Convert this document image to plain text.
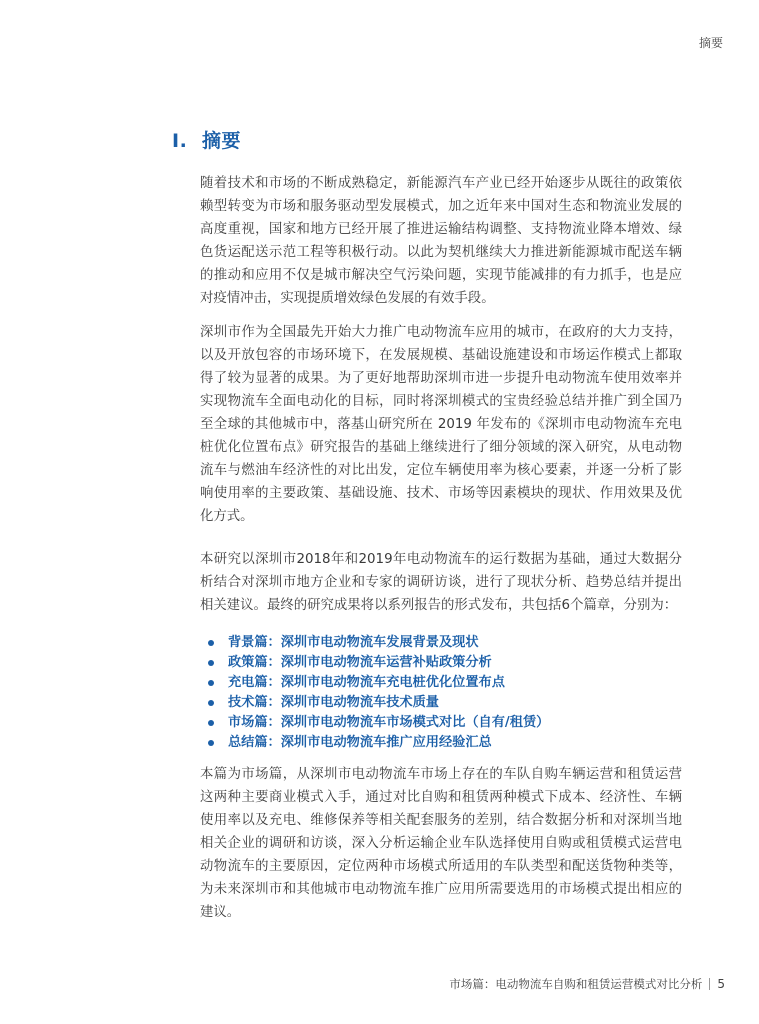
摘要
I. 摘要

随着技术和市场的不断成熟稳定，新能源汽车产业已经开始逐步从既往的政策依赖型转变为市场和服务驱动型发展模式，加之近年来中国对生态和物流业发展的高度重视，国家和地方已经开展了推进运输结构调整、支持物流业降本增效、绿色货运配送示范工程等积极行动。以此为契机继续大力推进新能源城市配送车辆的推动和应用不仅是城市解决空气污染问题，实现节能减排的有力抓手，也是应对疫情冲击，实现提质增效绿色发展的有效手段。

深圳市作为全国最先开始大力推广电动物流车应用的城市，在政府的大力支持，以及开放包容的市场环境下，在发展规模、基础设施建设和市场运作模式上都取得了较为显著的成果。为了更好地帮助深圳市进一步提升电动物流车使用效率并实现物流车全面电动化的目标，同时将深圳模式的宝贵经验总结并推广到全国乃至全球的其他城市中，落基山研究所在 2019 年发布的《深圳市电动物流车充电桩优化位置布点》研究报告的基础上继续进行了细分领域的深入研究，从电动物流车与燃油车经济性的对比出发，定位车辆使用率为核心要素，并逐一分析了影响使用率的主要政策、基础设施、技术、市场等因素模块的现状、作用效果及优化方式。

本研究以深圳市2018年和2019年电动物流车的运行数据为基础，通过大数据分析结合对深圳市地方企业和专家的调研访谈，进行了现状分析、趋势总结并提出相关建议。最终的研究成果将以系列报告的形式发布，共包括6个篇章，分别为：

背景篇：深圳市电动物流车发展背景及现状
政策篇：深圳市电动物流车运营补贴政策分析
充电篇：深圳市电动物流车充电桩优化位置布点
技术篇：深圳市电动物流车技术质量
市场篇：深圳市电动物流车市场模式对比（自有/租赁）
总结篇：深圳市电动物流车推广应用经验汇总

本篇为市场篇，从深圳市电动物流车市场上存在的车队自购车辆运营和租赁运营这两种主要商业模式入手，通过对比自购和租赁两种模式下成本、经济性、车辆使用率以及充电、维修保养等相关配套服务的差别，结合数据分析和对深圳当地相关企业的调研和访谈，深入分析运输企业车队选择使用自购或租赁模式运营电动物流车的主要原因，定位两种市场模式所适用的车队类型和配送货物种类等，为未来深圳市和其他城市电动物流车推广应用所需要选用的市场模式提出相应的建议。

市场篇：电动物流车自购和租赁运营模式对比分析 5
